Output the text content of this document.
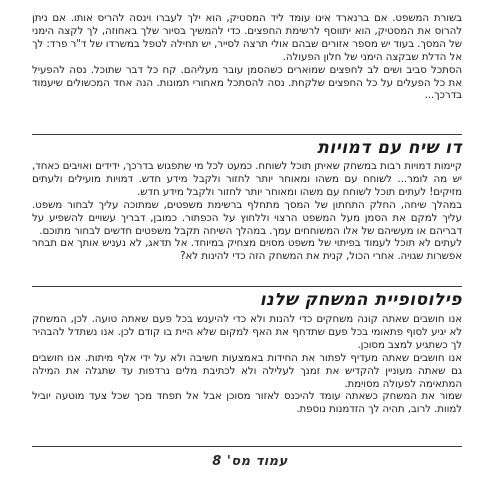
בשורת המשפט. אם ברנארד אינו עומד ליד המסטיק, הוא ילך לעברו וינסה להריס אותו. אם ניתן להרוס את המסטיק, הוא יתווסף לרשימת החפצים. כדי להמשיך בסיור שלך באחוזה, לך לקצה הימני של המסך. בעוד יש מספר אזורים שבהם אולי תרצה לסייר, יש תחילה לטפל במשרדו של ד"ר פרד: לך אל הדלת שבקצה הימני של חלון הפעולה.

הסתכל סביב ושים לב לחפצים שמוארים כשהסמן עובר מעליהם. קח כל דבר שתוכל. נסה להפעיל את כל הפעלים על כל החפצים שלקחת. נסה להסתכל מאחורי תמונות. הנה אחד המכשולים שיעמוד בדרכך...

דו שיח עם דמויות

קיימות דמויות רבות במשחק שאיתן תוכל לשוחח. כמעט לכל מי שתפגוש בדרכך, ידידים ואויבים כאחד, יש מה לומר... לשוחח עם משהו ומאוחר יותר לחזור ולקבל מידע חדש. דמויות מועילים ולעתים מזיקים! לעתים תוכל לשוחח עם משהו ומאוחר יותר לחזור ולקבל מידע חדש.

במהלך שיחה, החלק התחתון של המסך מתחלף ברשימת משפטים, שמתוכה עליך לבחור משפט. עליך למקם את הסמן מעל המשפט הרצוי וללחוץ על הכפתור. כמובן, דבריך עשויים להשפיע על דבריהם או מעשיהם של אלו המשוחחים עמך. במהלך השיחה תקבל משפטים חדשים לבחור מתוכם.

לעתים לא תוכל לעמוד בפיתוי של משפט מסוים מצחיק במיוחד. אל תדאג, לא נעניש אותך אם תבחר אפשרות שגויה. אחרי הכול, קנית את המשחק הזה כדי להינות לא?

פילוסופיית המשחק שלנו

אנו חושבים שאתה קונה משחקים כדי להנות ולא כדי להיענש בכל פעם שאתה טועה. לכן, המשחק לא יגיע לסוף פתאומי בכל פעם שתדחף את האף למקום שלא היית בו קודם לכן. אנו נשתדל להבהיר לך כשתגיע למצב מסוכן.

אנו חושבים שאתה מעדיף לפתור את החידות באמצעות חשיבה ולא על ידי אלף מיתות. אנו חושבים גם שאתה מעוניין להקדיש את זמנך לעלילה ולא לכתיבת מלים נרדפות עד שתגלה את המילה המתאימה לפעולה מסוימת.

שמור את המשחק כשאתה עומד להיכנס לאזור מסוכן אבל אל תפחד מכך שכל צעד מוטעה יוביל למוות. לרוב, תהיה לך הזדמנות נוספת.

עמוד מס' 8
